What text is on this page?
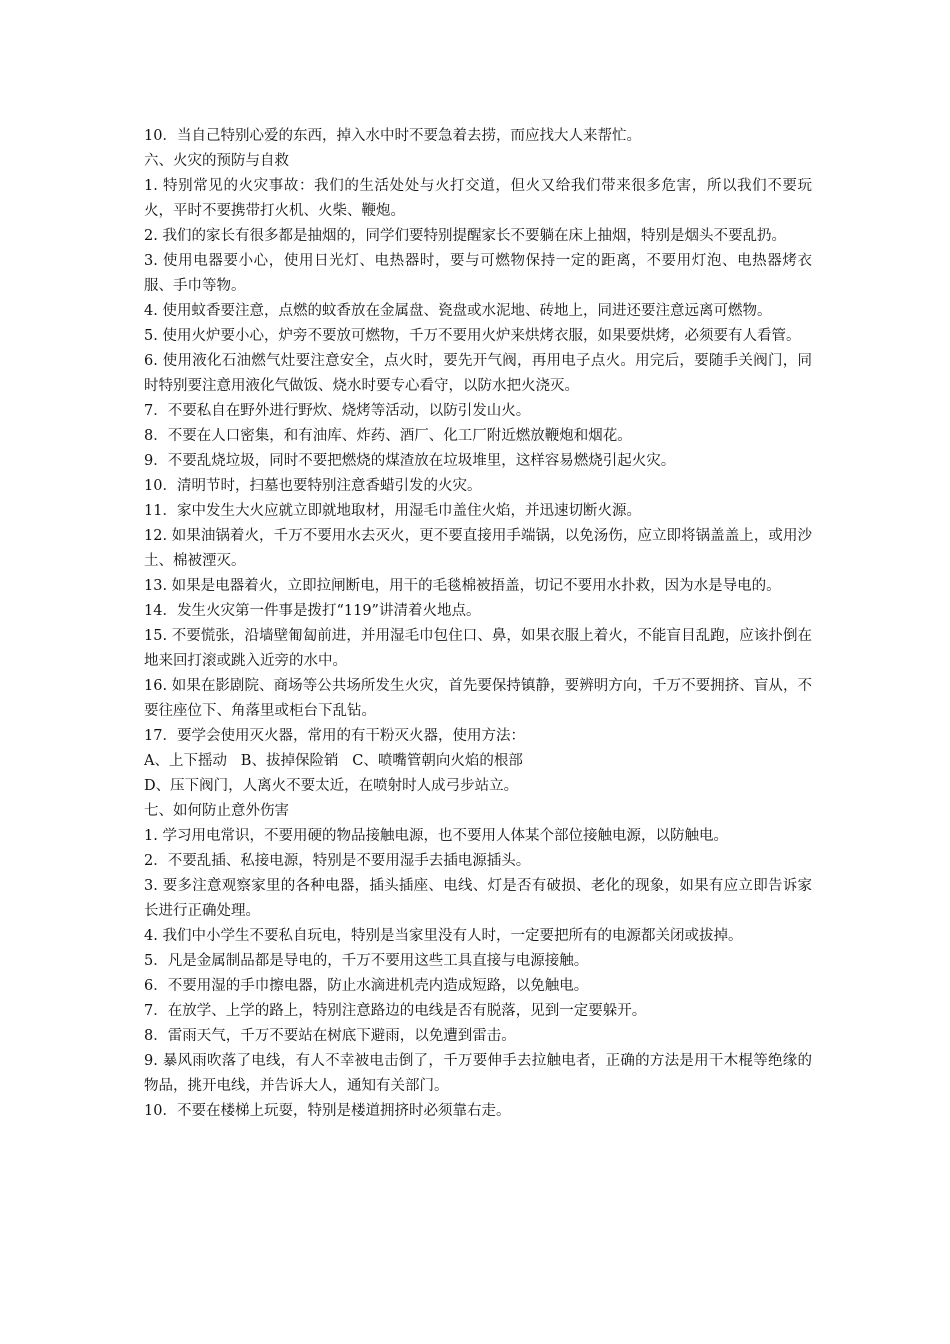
10．当自己特别心爱的东西，掉入水中时不要急着去捞，而应找大人来帮忙。

六、火灾的预防与自救

1. 特别常见的火灾事故：我们的生活处处与火打交道，但火又给我们带来很多危害，所以我们不要玩火，平时不要携带打火机、火柴、鞭炮。

2. 我们的家长有很多都是抽烟的，同学们要特别提醒家长不要躺在床上抽烟，特别是烟头不要乱扔。

3. 使用电器要小心，使用日光灯、电热器时，要与可燃物保持一定的距离，不要用灯泡、电热器烤衣服、手巾等物。

4. 使用蚊香要注意，点燃的蚊香放在金属盘、瓷盘或水泥地、砖地上，同进还要注意远离可燃物。

5. 使用火炉要小心，炉旁不要放可燃物，千万不要用火炉来烘烤衣服，如果要烘烤，必须要有人看管。

6. 使用液化石油燃气灶要注意安全，点火时，要先开气阀，再用电子点火。用完后，要随手关阀门，同时特别要注意用液化气做饭、烧水时要专心看守，以防水把火浇灭。

7．不要私自在野外进行野炊、烧烤等活动，以防引发山火。

8．不要在人口密集，和有油库、炸药、酒厂、化工厂附近燃放鞭炮和烟花。

9．不要乱烧垃圾，同时不要把燃烧的煤渣放在垃圾堆里，这样容易燃烧引起火灾。

10．清明节时，扫墓也要特别注意香蜡引发的火灾。

11．家中发生大火应就立即就地取材，用湿毛巾盖住火焰，并迅速切断火源。

12. 如果油锅着火，千万不要用水去灭火，更不要直接用手端锅，以免汤伤，应立即将锅盖盖上，或用沙土、棉被湮灭。

13. 如果是电器着火，立即拉闸断电，用干的毛毯棉被捂盖，切记不要用水扑救，因为水是导电的。

14．发生火灾第一件事是拨打“119”讲清着火地点。

15. 不要慌张，沿墙壁匍匐前进，并用湿毛巾包住口、鼻，如果衣服上着火，不能盲目乱跑，应该扑倒在地来回打滚或跳入近旁的水中。

16. 如果在影剧院、商场等公共场所发生火灾，首先要保持镇静，要辨明方向，千万不要拥挤、盲从，不要往座位下、角落里或柜台下乱钻。

17．要学会使用灭火器，常用的有干粉灭火器，使用方法：

A、上下摇动   B、拔掉保险销   C、喷嘴管朝向火焰的根部

D、压下阀门，人离火不要太近，在喷射时人成弓步站立。

七、如何防止意外伤害

1. 学习用电常识，不要用硬的物品接触电源，也不要用人体某个部位接触电源，以防触电。

2．不要乱插、私接电源，特别是不要用湿手去插电源插头。

3. 要多注意观察家里的各种电器，插头插座、电线、灯是否有破损、老化的现象，如果有应立即告诉家长进行正确处理。

4. 我们中小学生不要私自玩电，特别是当家里没有人时，一定要把所有的电源都关闭或拔掉。

5．凡是金属制品都是导电的，千万不要用这些工具直接与电源接触。

6．不要用湿的手巾擦电器，防止水滴进机壳内造成短路，以免触电。

7．在放学、上学的路上，特别注意路边的电线是否有脱落，见到一定要躲开。

8．雷雨天气，千万不要站在树底下避雨，以免遭到雷击。

9. 暴风雨吹落了电线，有人不幸被电击倒了，千万要伸手去拉触电者，正确的方法是用干木棍等绝缘的物品，挑开电线，并告诉大人，通知有关部门。

10．不要在楼梯上玩耍，特别是楼道拥挤时必须靠右走。
